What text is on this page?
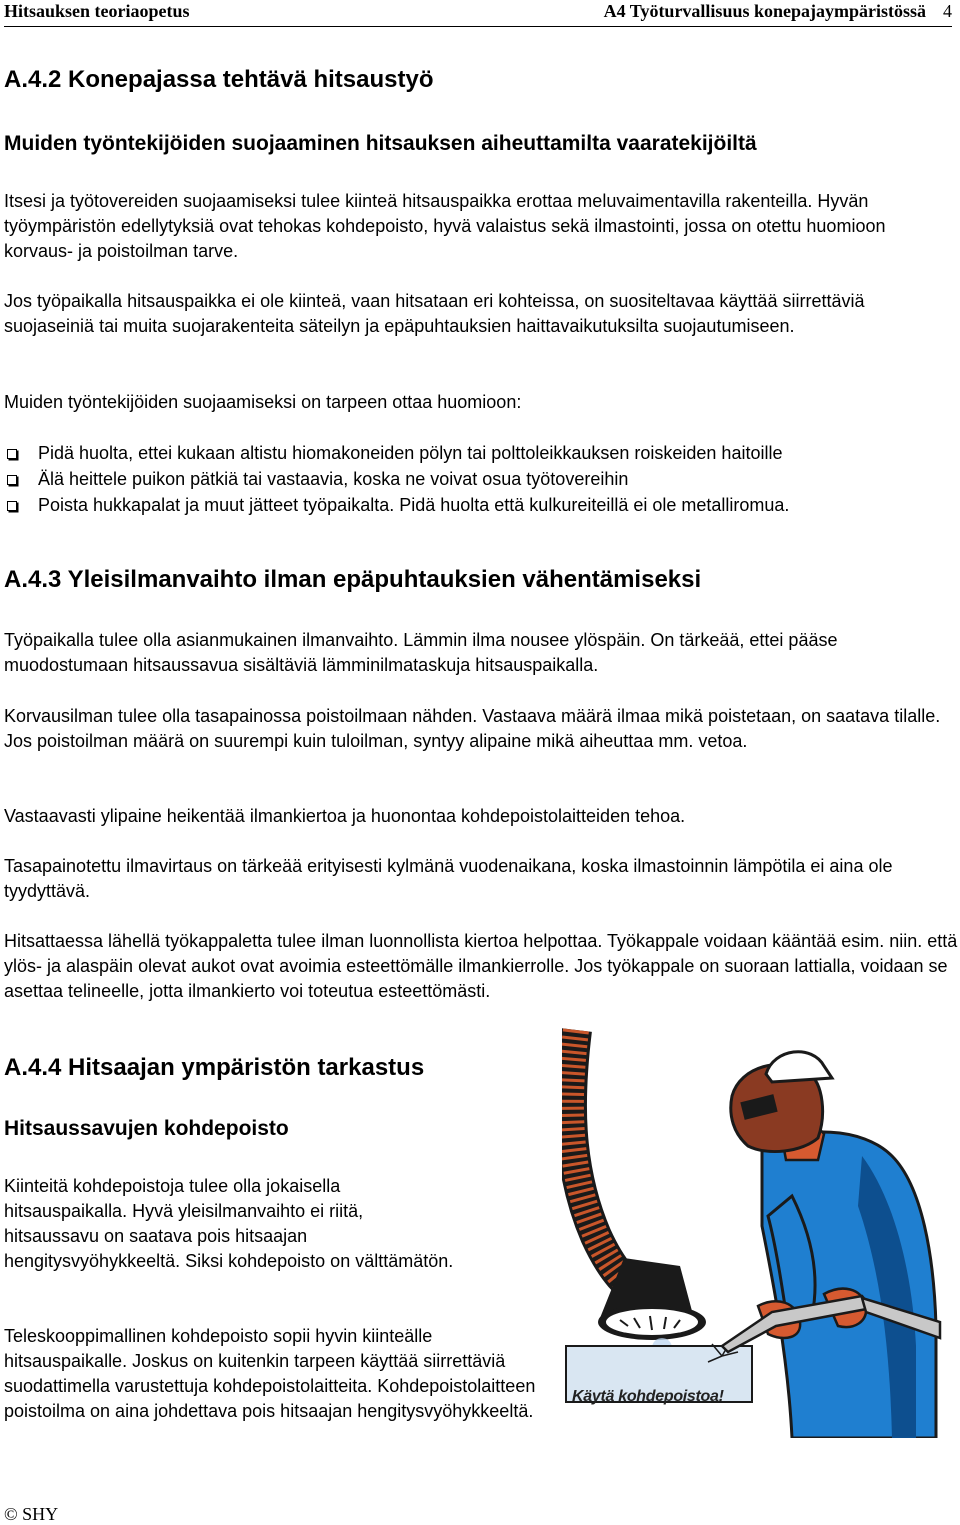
Hitsauksen teoriaopetus	A4 Työturvallisuus konepajaympäristössä 4
A.4.2 Konepajassa tehtävä hitsaustyö
Muiden työntekijöiden suojaaminen hitsauksen aiheuttamilta vaaratekijöiltä

Itsesi ja työtovereiden suojaamiseksi tulee kiinteä hitsauspaikka erottaa meluvaimentavilla rakenteilla. Hyvän työympäristön edellytyksiä ovat tehokas kohdepoisto, hyvä valaistus sekä ilmastointi, jossa on otettu huomioon korvaus- ja poistoilman tarve.

Jos työpaikalla hitsauspaikka ei ole kiinteä, vaan hitsataan eri kohteissa, on suositeltavaa käyttää siirrettäviä suojaseiniä tai muita suojarakenteita säteilyn ja epäpuhtauksien haittavaikutuksilta suojautumiseen.

Muiden työntekijöiden suojaamiseksi on tarpeen ottaa huomioon:

Pidä huolta, ettei kukaan altistu hiomakoneiden pölyn tai polttoleikkauksen roiskeiden haitoille
Älä heittele puikon pätkiä tai vastaavia, koska ne voivat osua työtovereihin
Poista hukkapalat ja muut jätteet työpaikalta. Pidä huolta että kulkureiteillä ei ole metalliromua.
A.4.3 Yleisilmanvaihto ilman epäpuhtauksien vähentämiseksi

Työpaikalla tulee olla asianmukainen ilmanvaihto. Lämmin ilma nousee ylöspäin. On tärkeää, ettei pääse muodostumaan hitsaussavua sisältäviä lämminilmataskuja hitsauspaikalla.

Korvausilman tulee olla tasapainossa poistoilmaan nähden. Vastaava määrä ilmaa mikä poistetaan, on saatava tilalle. Jos poistoilman määrä on suurempi kuin tuloilman, syntyy alipaine mikä aiheuttaa mm. vetoa.

Vastaavasti ylipaine heikentää ilmankiertoa ja huonontaa kohdepoistolaitteiden tehoa.

Tasapainotettu ilmavirtaus on tärkeää erityisesti kylmänä vuodenaikana, koska ilmastoinnin lämpötila ei aina ole tyydyttävä.

Hitsattaessa lähellä työkappaletta tulee ilman luonnollista kiertoa helpottaa. Työkappale voidaan kääntää esim. niin. että ylös- ja alaspäin olevat aukot ovat avoimia esteettömälle ilmankierrolle. Jos työkappale on suoraan lattialla, voidaan se asettaa telineelle, jotta ilmankierto voi toteutua esteettömästi.

A.4.4 Hitsaajan ympäristön tarkastus
Hitsaussavujen kohdepoisto

Kiinteitä kohdepoistoja tulee olla jokaisella hitsauspaikalla. Hyvä yleisilmanvaihto ei riitä, hitsaussavu on saatava pois hitsaajan hengitysvyöhykkeeltä. Siksi kohdepoisto on välttämätön.

Teleskooppimallinen kohdepoisto sopii hyvin kiinteälle hitsauspaikalle. Joskus on kuitenkin tarpeen käyttää siirrettäviä suodattimella varustettuja kohdepoistolaitteita. Kohdepoistolaitteen poistoilma on aina johdettava pois hitsaajan hengitysvyöhykkeeltä.

Käytä kohdepoistoa!
© SHY
